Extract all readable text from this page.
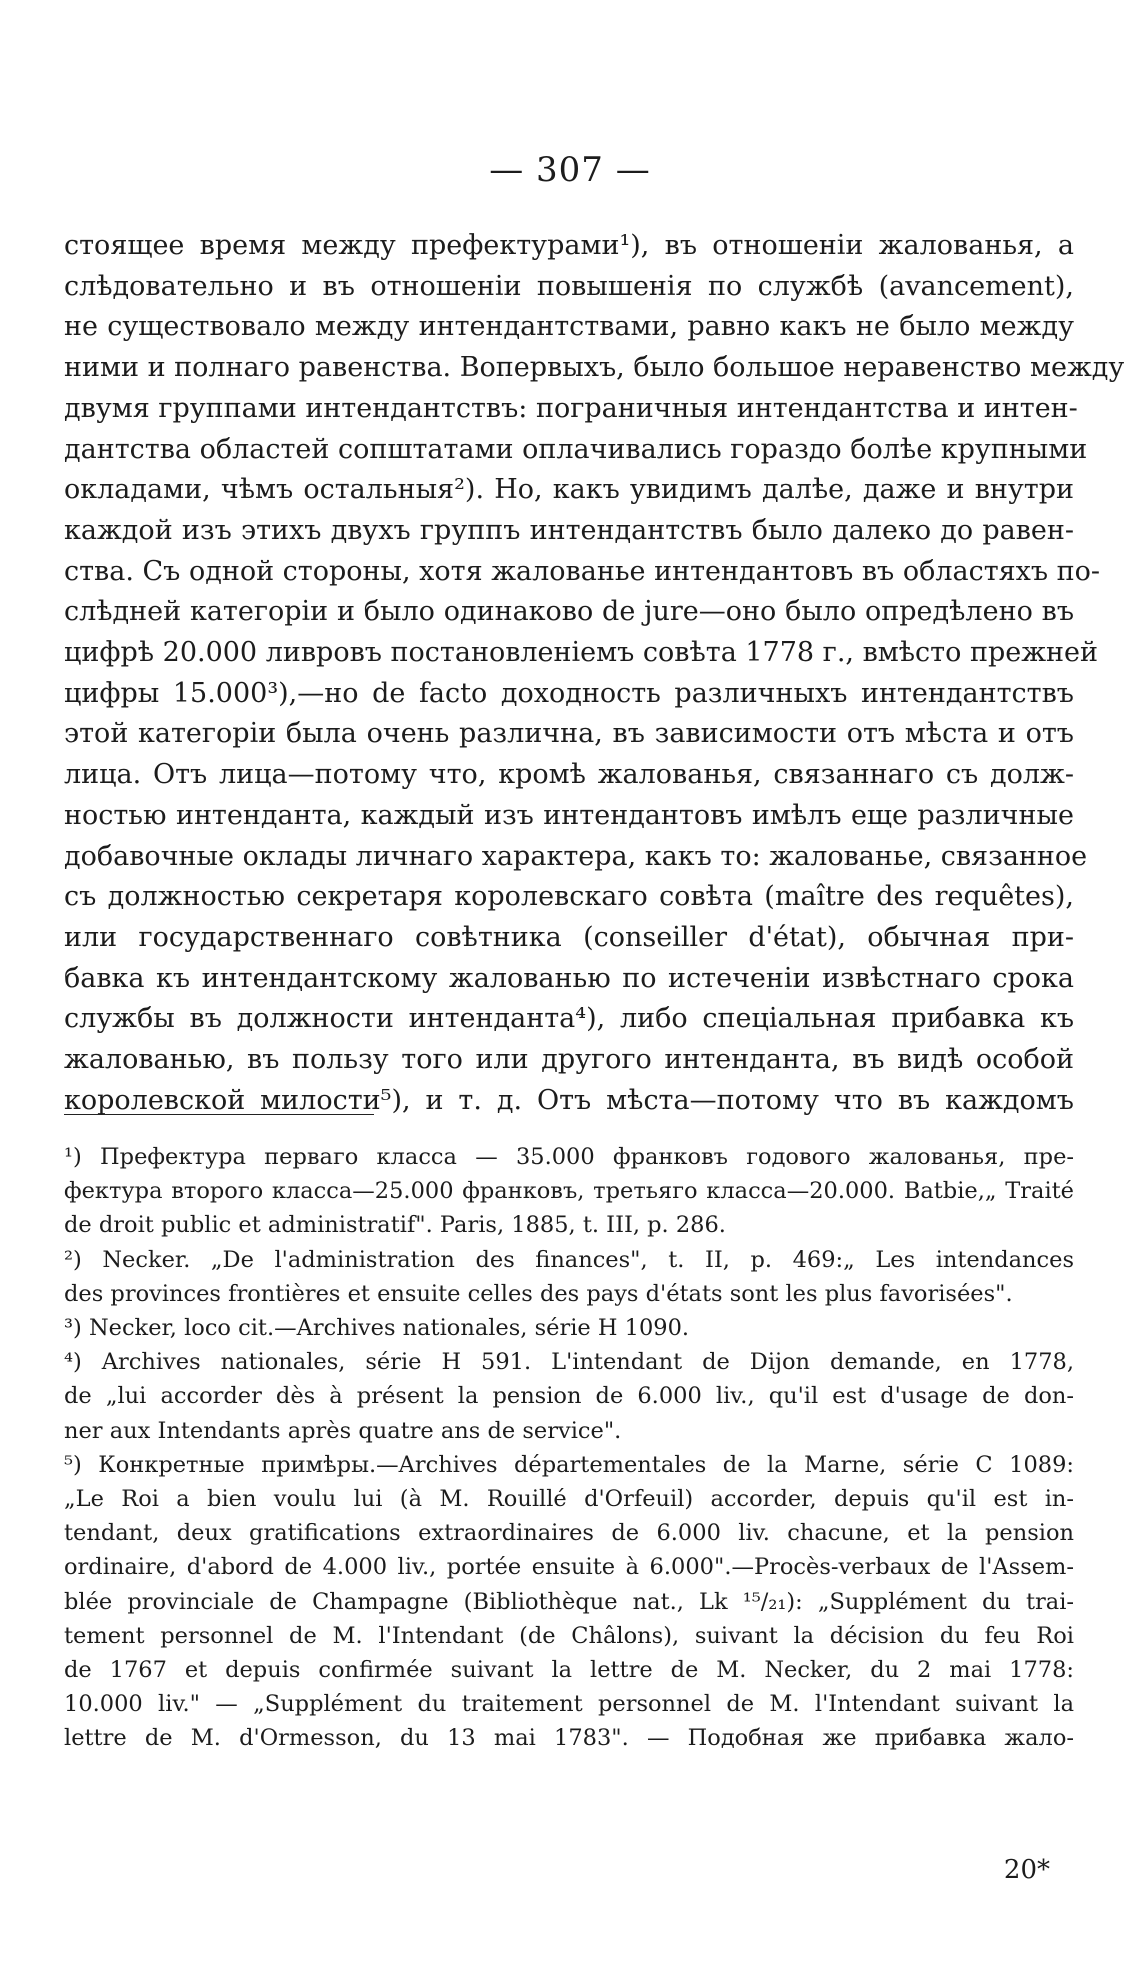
— 307 —
стоящее время между префектурами¹), въ отношеніи жалованья, а
слѣдовательно и въ отношеніи повышенія по службѣ (avancement),
не существовало между интендантствами, равно какъ не было между
ними и полнаго равенства. Вопервыхъ, было большое неравенство между
двумя группами интендантствъ: пограничныя интендантства и интен-
дантства областей сопштатами оплачивались гораздо болѣе крупными
окладами, чѣмъ остальныя²). Но, какъ увидимъ далѣе, даже и внутри
каждой изъ этихъ двухъ группъ интендантствъ было далеко до равен-
ства. Съ одной стороны, хотя жалованье интендантовъ въ областяхъ по-
слѣдней категоріи и было одинаково de jure—оно было опредѣлено въ
цифрѣ 20.000 ливровъ постановленіемъ совѣта 1778 г., вмѣсто прежней
цифры 15.000³),—но de facto доходность различныхъ интендантствъ
этой категоріи была очень различна, въ зависимости отъ мѣста и отъ
лица. Отъ лица—потому что, кромѣ жалованья, связаннаго съ долж-
ностью интенданта, каждый изъ интендантовъ имѣлъ еще различные
добавочные оклады личнаго характера, какъ то: жалованье, связанное
съ должностью секретаря королевскаго совѣта (maître des requêtes),
или государственнаго совѣтника (conseiller d'état), обычная при-
бавка къ интендантскому жалованью по истеченіи извѣстнаго срока
службы въ должности интенданта⁴), либо спеціальная прибавка къ
жалованью, въ пользу того или другого интенданта, въ видѣ особой
королевской милости⁵), и т. д. Отъ мѣста—потому что въ каждомъ
¹) Префектура перваго класса — 35.000 франковъ годового жалованья, пре-
фектура второго класса—25.000 франковъ, третьяго класса—20.000. Batbie,„ Traité
de droit public et administratif". Paris, 1885, t. III, p. 286.
²) Necker. „De l'administration des finances", t. II, p. 469:„ Les intendances
des provinces frontières et ensuite celles des pays d'états sont les plus favorisées".
³) Necker, loco cit.—Archives nationales, série H 1090.
⁴) Archives nationales, série H 591. L'intendant de Dijon demande, en 1778,
de „lui accorder dès à présent la pension de 6.000 liv., qu'il est d'usage de don-
ner aux Intendants après quatre ans de service".
⁵) Конкретные примѣры.—Archives départementales de la Marne, série C 1089:
„Le Roi a bien voulu lui (à M. Rouillé d'Orfeuil) accorder, depuis qu'il est in-
tendant, deux gratifications extraordinaires de 6.000 liv. chacune, et la pension
ordinaire, d'abord de 4.000 liv., portée ensuite à 6.000".—Procès-verbaux de l'Assem-
blée provinciale de Champagne (Bibliothèque nat., Lk ¹⁵/₂₁): „Supplément du trai-
tement personnel de M. l'Intendant (de Châlons), suivant la décision du feu Roi
de 1767 et depuis confirmée suivant la lettre de M. Necker, du 2 mai 1778:
10.000 liv." — „Supplément du traitement personnel de M. l'Intendant suivant la
lettre de M. d'Ormesson, du 13 mai 1783". — Подобная же прибавка жало-
20*
